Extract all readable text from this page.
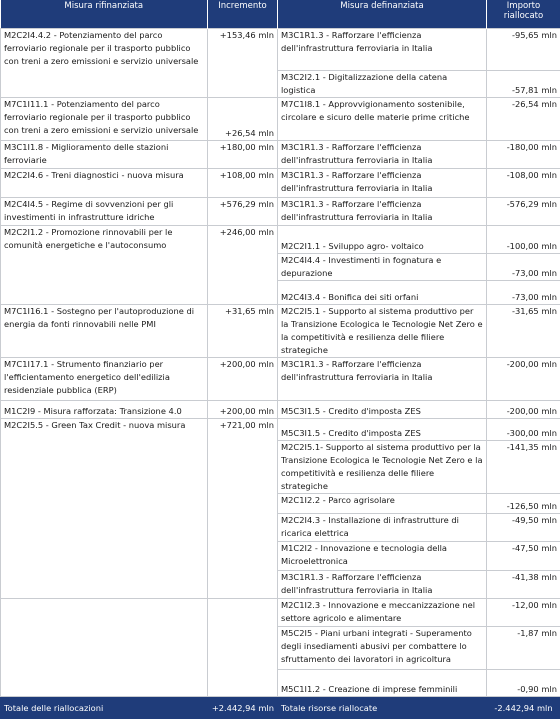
Misura rifinanziata	Incremento	Misura definanziata	Importo riallocato
M2C2I4.4.2 - Potenziamento del parco ferroviario regionale per il trasporto pubblico con treni a zero emissioni e servizio universale	+153,46 mln	M3C1R1.3 - Rafforzare l'efficienza dell'infrastruttura ferroviaria in Italia	-95,65 mln
		M3C2I2.1 - Digitalizzazione della catena logistica	-57,81 mln
M7C1I11.1 - Potenziamento del parco ferroviario regionale per il trasporto pubblico con treni a zero emissioni e servizio universale	+26,54 mln	M7C1I8.1 - Approvvigionamento sostenibile, circolare e sicuro delle materie prime critiche	-26,54 mln
M3C1I1.8 - Miglioramento delle stazioni ferroviarie	+180,00 mln	M3C1R1.3 - Rafforzare l'efficienza dell'infrastruttura ferroviaria in Italia	-180,00 mln
M2C2I4.6 - Treni diagnostici - nuova misura	+108,00 mln	M3C1R1.3 - Rafforzare l'efficienza dell'infrastruttura ferroviaria in Italia	-108,00 mln
M2C4I4.5 - Regime di sovvenzioni per gli investimenti in infrastrutture idriche	+576,29 mln	M3C1R1.3 - Rafforzare l'efficienza dell'infrastruttura ferroviaria in Italia	-576,29 mln
M2C2I1.2 - Promozione rinnovabili per le comunità energetiche e l'autoconsumo	+246,00 mln	M2C2I1.1 - Sviluppo agro- voltaico	-100,00 mln
		M2C4I4.4 - Investimenti in fognatura e depurazione	-73,00 mln
		M2C4I3.4 - Bonifica dei siti orfani	-73,00 mln
M7C1I16.1 - Sostegno per l'autoproduzione di energia da fonti rinnovabili nelle PMI	+31,65 mln	M2C2I5.1 - Supporto al sistema produttivo per la Transizione Ecologica le Tecnologie Net Zero e la competitività e resilienza delle filiere strategiche	-31,65 mln
M7C1I17.1 - Strumento finanziario per l'efficientamento energetico dell'edilizia residenziale pubblica (ERP)	+200,00 mln	M3C1R1.3 - Rafforzare l'efficienza dell'infrastruttura ferroviaria in Italia	-200,00 mln
M1C2I9 - Misura rafforzata: Transizione 4.0	+200,00 mln	M5C3I1.5 - Credito d'imposta ZES	-200,00 mln
M2C2I5.5 - Green Tax Credit - nuova misura	+721,00 mln	M5C3I1.5 - Credito d'imposta ZES	-300,00 mln
		M2C2I5.1- Supporto al sistema produttivo per la Transizione Ecologica le Tecnologie Net Zero e la competitività e resilienza delle filiere strategiche	-141,35 mln
		M2C1I2.2 - Parco agrisolare	-126,50 mln
		M2C2I4.3 - Installazione di infrastrutture di ricarica elettrica	-49,50 mln
		M1C2I2 - Innovazione e tecnologia della Microelettronica	-47,50 mln
		M3C1R1.3 - Rafforzare l'efficienza dell'infrastruttura ferroviaria in Italia	-41,38 mln
		M2C1I2.3 - Innovazione e meccanizzazione nel settore agricolo e alimentare	-12,00 mln
		M5C2I5 - Piani urbani integrati - Superamento degli insediamenti abusivi per combattere lo sfruttamento dei lavoratori in agricoltura	-1,87 mln
		M5C1I1.2 - Creazione di imprese femminili	-0,90 mln
Totale delle riallocazioni	+2.442,94 mln	Totale risorse riallocate	-2.442,94 mln
